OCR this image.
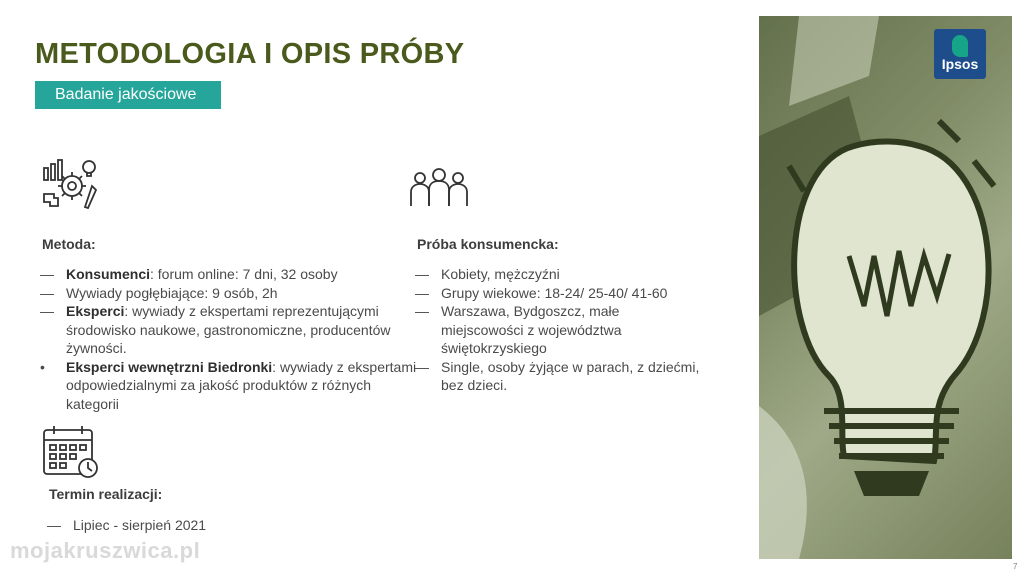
METODOLOGIA I OPIS PRÓBY
Badanie jakościowe
Metoda:
— Konsumenci: forum online: 7 dni, 32 osoby
— Wywiady pogłębiające: 9 osób, 2h
— Eksperci: wywiady z ekspertami reprezentującymi środowisko naukowe, gastronomiczne, producentów żywności.
• Eksperci wewnętrzni Biedronki: wywiady z ekspertami odpowiedzialnymi za jakość produktów z różnych kategorii
Próba konsumencka:
— Kobiety, mężczyźni
— Grupy wiekowe: 18-24/ 25-40/ 41-60
— Warszawa, Bydgoszcz, małe miejscowości z województwa świętokrzyskiego
— Single, osoby żyjące w parach, z dziećmi, bez dzieci.
Termin realizacji:
— Lipiec - sierpień 2021
Ipsos
7
mojakruszwica.pl
